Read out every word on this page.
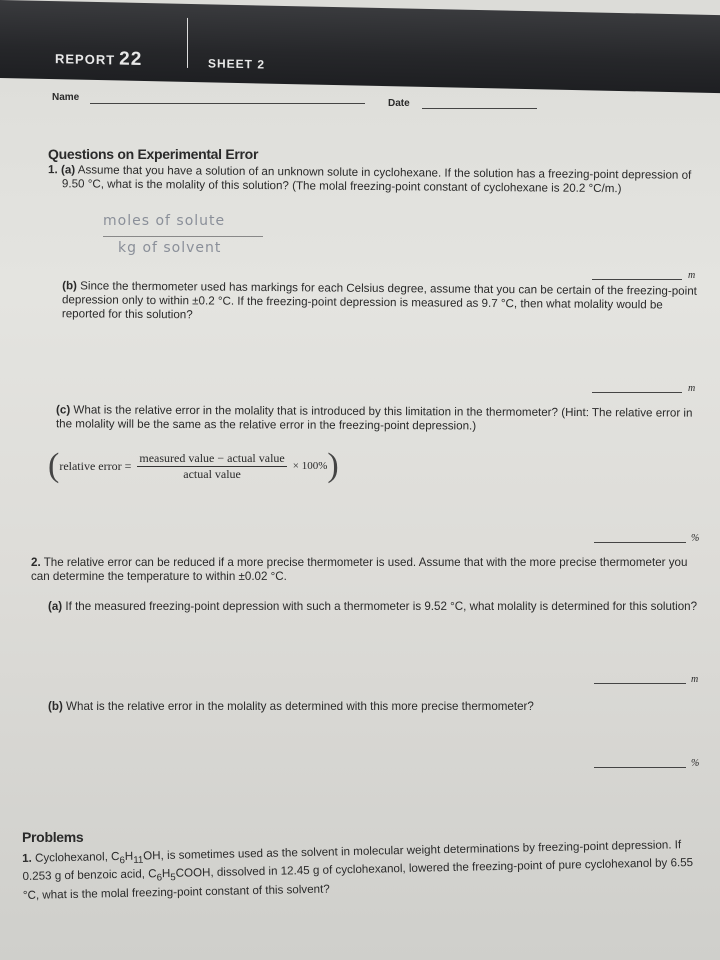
REPORT 22	SHEET 2
Name
Date
Questions on Experimental Error
1. (a) Assume that you have a solution of an unknown solute in cyclohexane. If the solution has a freezing-point depression of 9.50 °C, what is the molality of this solution? (The molal freezing-point constant of cyclohexane is 20.2 °C/m.)
moles of solute
kg of solvent
m
(b) Since the thermometer used has markings for each Celsius degree, assume that you can be certain of the freezing-point depression only to within ±0.2 °C. If the freezing-point depression is measured as 9.7 °C, then what molality would be reported for this solution?
m
(c) What is the relative error in the molality that is introduced by this limitation in the thermometer? (Hint: The relative error in the molality will be the same as the relative error in the freezing-point depression.)
( relative error =
measured value − actual value
actual value
× 100% )
%
2. The relative error can be reduced if a more precise thermometer is used. Assume that with the more precise thermometer you can determine the temperature to within ±0.02 °C.
(a) If the measured freezing-point depression with such a thermometer is 9.52 °C, what molality is determined for this solution?
m
(b) What is the relative error in the molality as determined with this more precise thermometer?
%
Problems
1. Cyclohexanol, $C_6H_{11}OH$, is sometimes used as the solvent in molecular weight determinations by freezing-point depression. If 0.253 g of benzoic acid, $C_6H_5COOH$, dissolved in 12.45 g of cyclohexanol, lowered the freezing-point of pure cyclohexanol by 6.55 °C, what is the molal freezing-point constant of this solvent?
